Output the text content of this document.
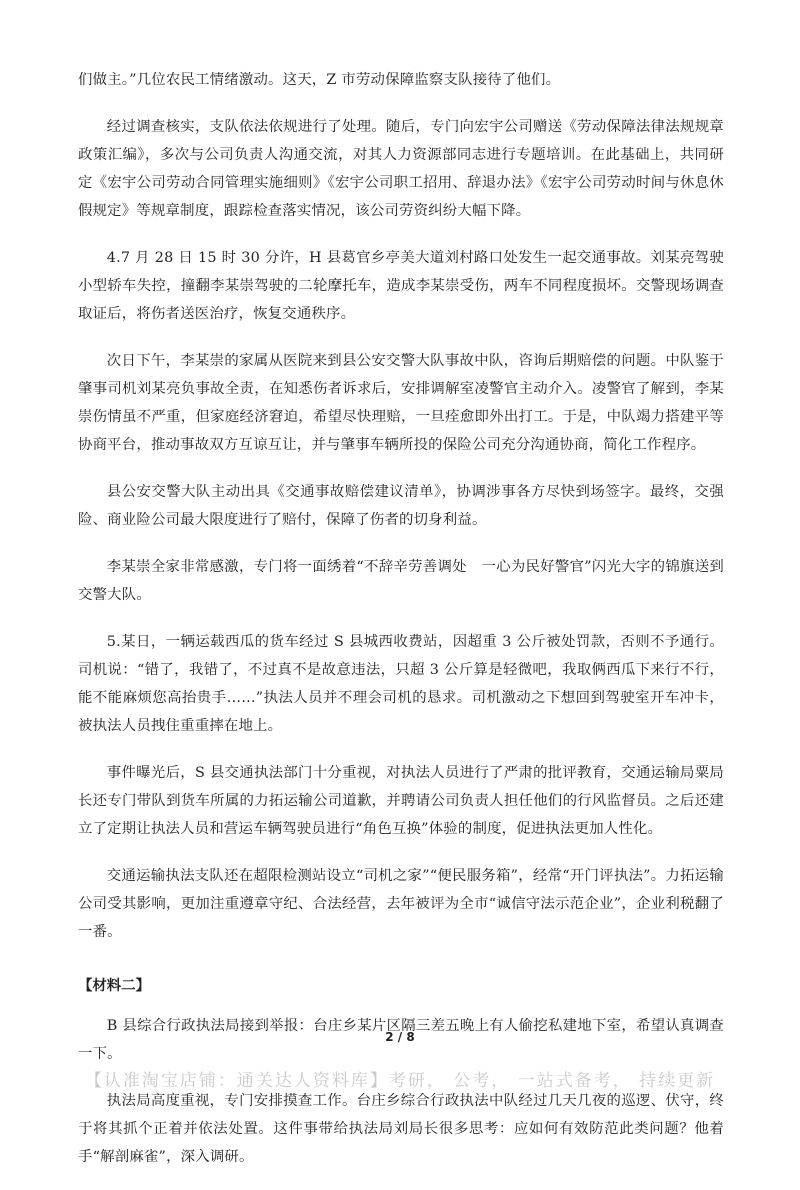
们做主。”几位农民工情绪激动。这天，Z 市劳动保障监察支队接待了他们。

经过调查核实，支队依法依规进行了处理。随后，专门向宏宇公司赠送《劳动保障法律法规规章政策汇编》，多次与公司负责人沟通交流，对其人力资源部同志进行专题培训。在此基础上，共同研定《宏宇公司劳动合同管理实施细则》《宏宇公司职工招用、辞退办法》《宏宇公司劳动时间与休息休假规定》等规章制度，跟踪检查落实情况，该公司劳资纠纷大幅下降。

4.7 月 28 日 15 时 30 分许，H 县葛官乡亭美大道刘村路口处发生一起交通事故。刘某亮驾驶小型轿车失控，撞翻李某崇驾驶的二轮摩托车，造成李某崇受伤，两车不同程度损坏。交警现场调查取证后，将伤者送医治疗，恢复交通秩序。

次日下午，李某崇的家属从医院来到县公安交警大队事故中队，咨询后期赔偿的问题。中队鉴于肇事司机刘某亮负事故全责，在知悉伤者诉求后，安排调解室凌警官主动介入。凌警官了解到，李某崇伤情虽不严重，但家庭经济窘迫，希望尽快理赔，一旦痊愈即外出打工。于是，中队竭力搭建平等协商平台，推动事故双方互谅互让，并与肇事车辆所投的保险公司充分沟通协商，简化工作程序。

县公安交警大队主动出具《交通事故赔偿建议清单》，协调涉事各方尽快到场签字。最终，交强险、商业险公司最大限度进行了赔付，保障了伤者的切身利益。

李某崇全家非常感激，专门将一面绣着“不辞辛劳善调处　一心为民好警官”闪光大字的锦旗送到交警大队。

5.某日，一辆运载西瓜的货车经过 S 县城西收费站，因超重 3 公斤被处罚款，否则不予通行。司机说：“错了，我错了，不过真不是故意违法，只超 3 公斤算是轻微吧，我取俩西瓜下来行不行，能不能麻烦您高抬贵手……”执法人员并不理会司机的恳求。司机激动之下想回到驾驶室开车冲卡，被执法人员拽住重重摔在地上。

事件曝光后，S 县交通执法部门十分重视，对执法人员进行了严肃的批评教育，交通运输局粟局长还专门带队到货车所属的力拓运输公司道歉，并聘请公司负责人担任他们的行风监督员。之后还建立了定期让执法人员和营运车辆驾驶员进行“角色互换”体验的制度，促进执法更加人性化。

交通运输执法支队还在超限检测站设立“司机之家”“便民服务箱”，经常“开门评执法”。力拓运输公司受其影响，更加注重遵章守纪、合法经营，去年被评为全市“诚信守法示范企业”，企业利税翻了一番。

【材料二】

B 县综合行政执法局接到举报：台庄乡某片区隔三差五晚上有人偷挖私建地下室，希望认真调查一下。

执法局高度重视，专门安排摸查工作。台庄乡综合行政执法中队经过几天几夜的巡逻、伏守，终于将其抓个正着并依法处置。这件事带给执法局刘局长很多思考：应如何有效防范此类问题？他着手“解剖麻雀”，深入调研。

2 / 8
【认准淘宝店铺：通关达人资料库】考研， 公考， 一站式备考， 持续更新
